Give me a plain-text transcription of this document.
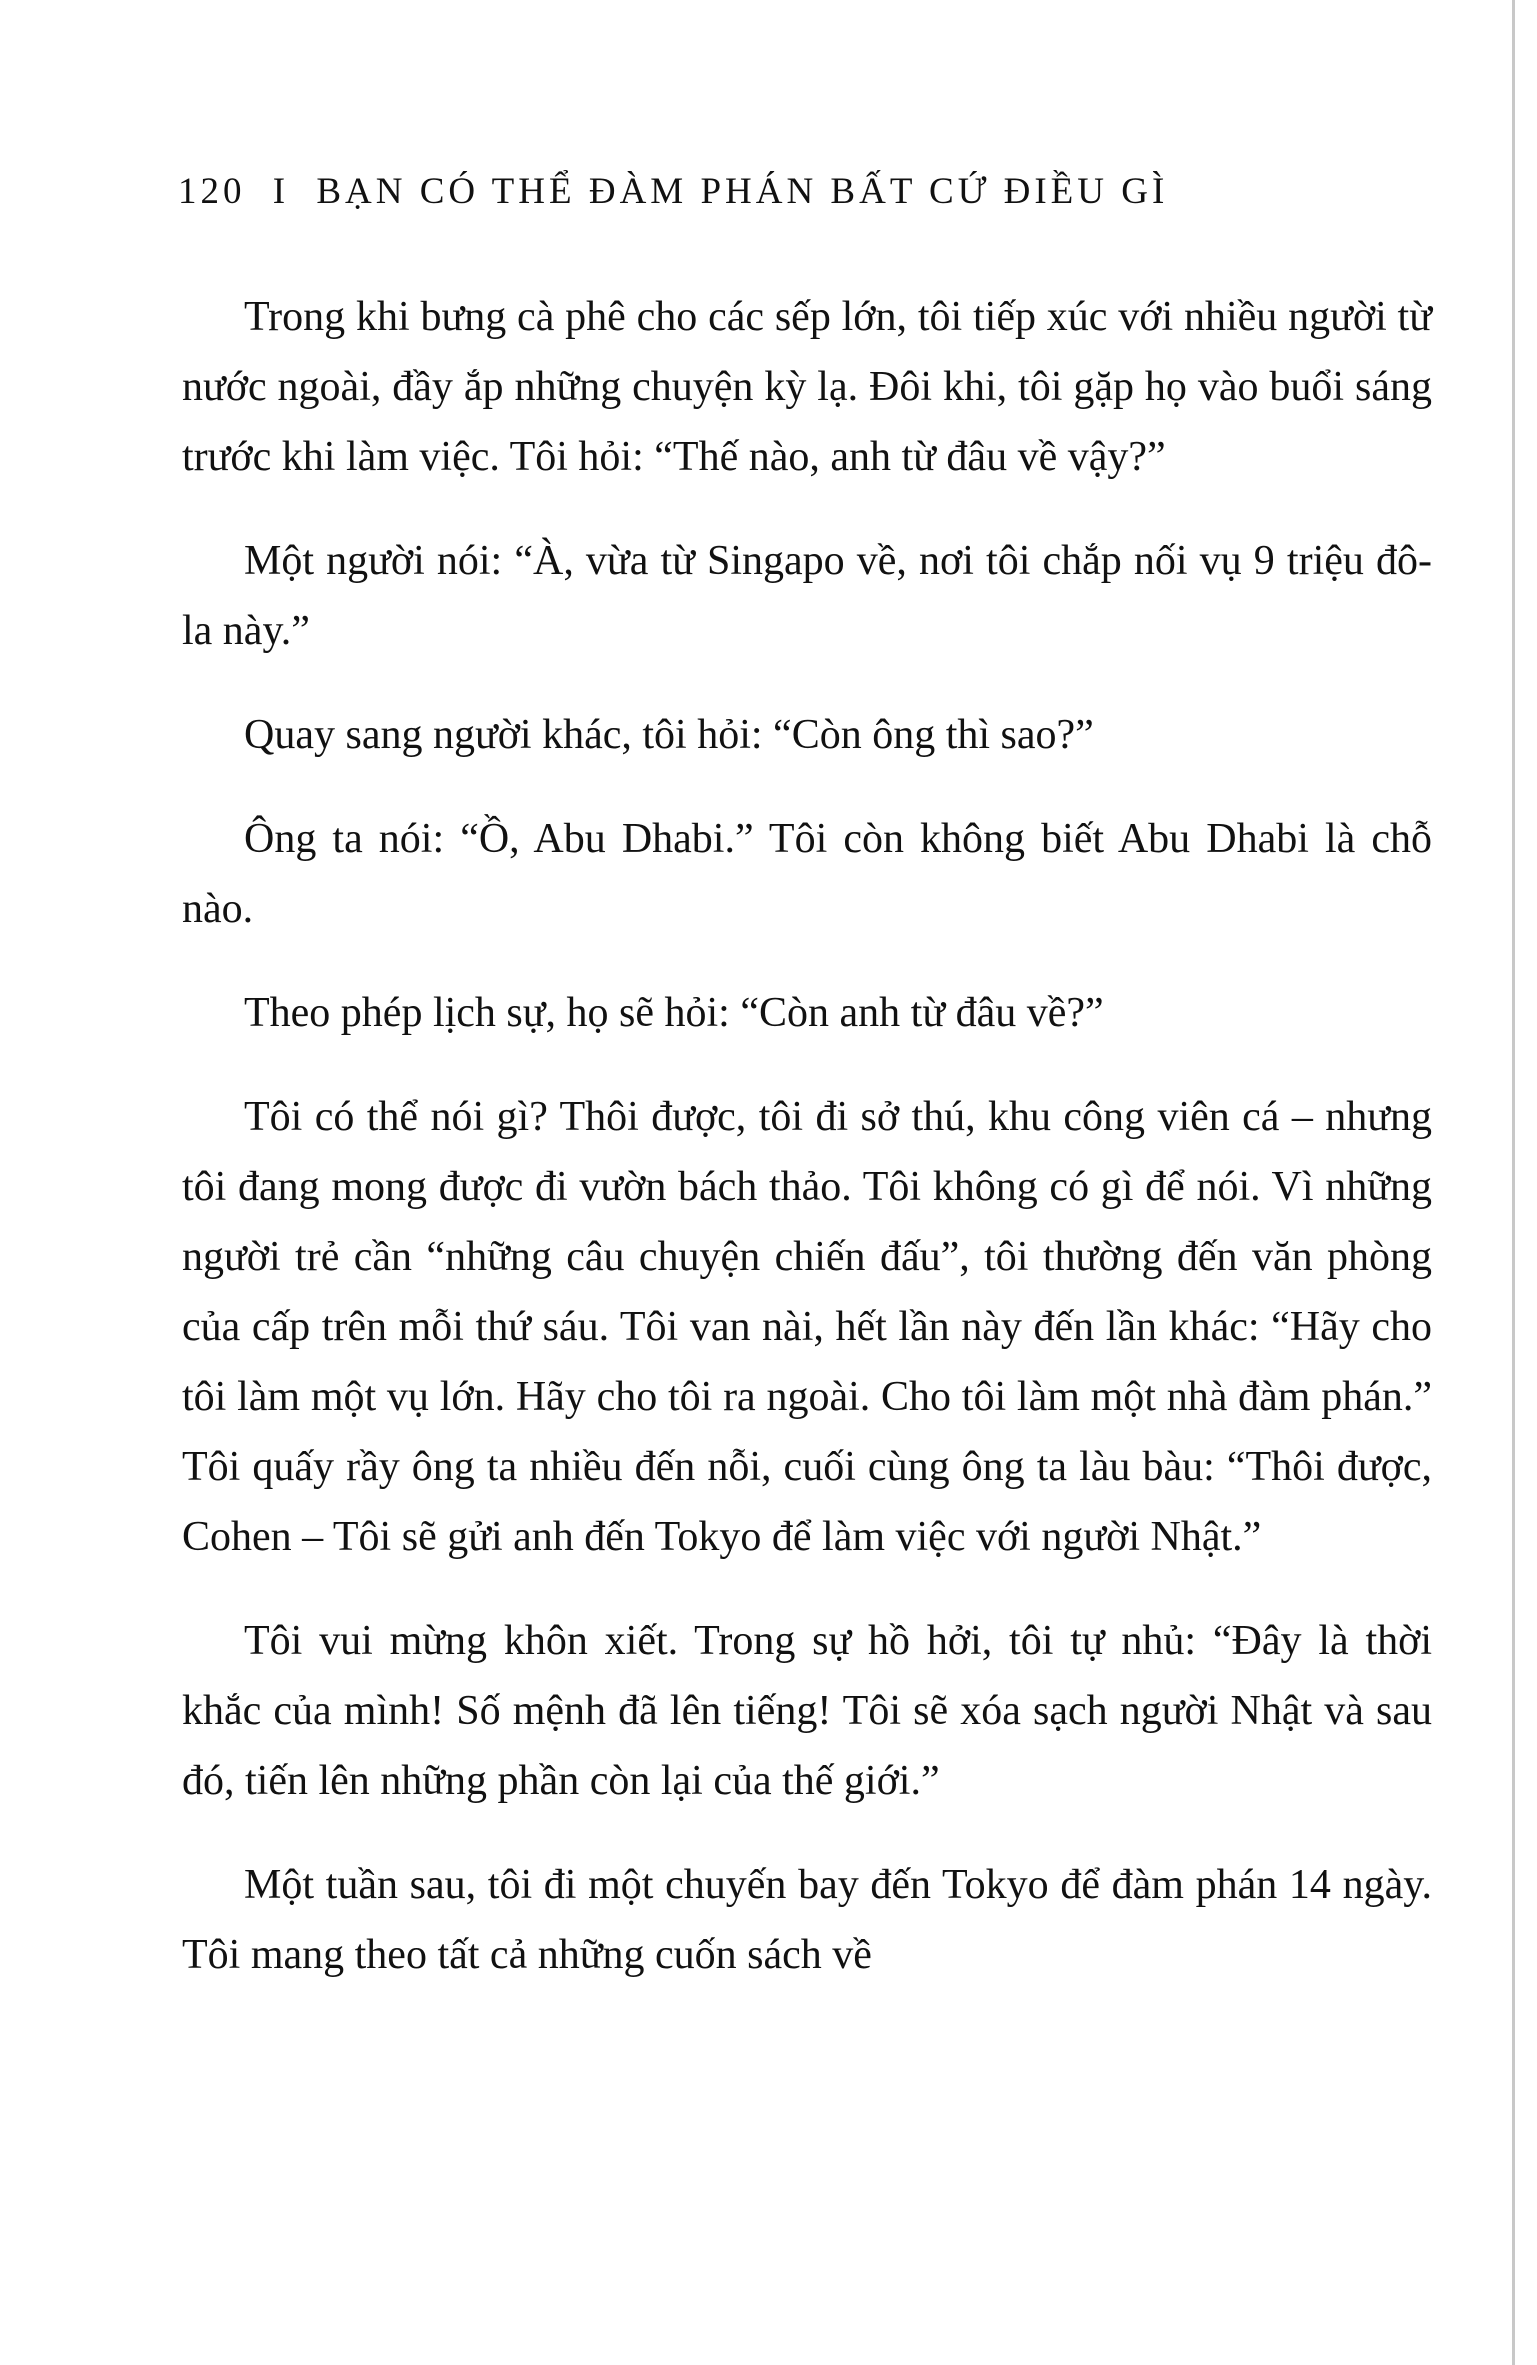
120 I BẠN CÓ THỂ ĐÀM PHÁN BẤT CỨ ĐIỀU GÌ

Trong khi bưng cà phê cho các sếp lớn, tôi tiếp xúc với nhiều người từ nước ngoài, đầy ắp những chuyện kỳ lạ. Đôi khi, tôi gặp họ vào buổi sáng trước khi làm việc. Tôi hỏi: “Thế nào, anh từ đâu về vậy?”

Một người nói: “À, vừa từ Singapo về, nơi tôi chắp nối vụ 9 triệu đô-la này.”

Quay sang người khác, tôi hỏi: “Còn ông thì sao?”

Ông ta nói: “Ồ, Abu Dhabi.” Tôi còn không biết Abu Dhabi là chỗ nào.

Theo phép lịch sự, họ sẽ hỏi: “Còn anh từ đâu về?”

Tôi có thể nói gì? Thôi được, tôi đi sở thú, khu công viên cá – nhưng tôi đang mong được đi vườn bách thảo. Tôi không có gì để nói. Vì những người trẻ cần “những câu chuyện chiến đấu”, tôi thường đến văn phòng của cấp trên mỗi thứ sáu. Tôi van nài, hết lần này đến lần khác: “Hãy cho tôi làm một vụ lớn. Hãy cho tôi ra ngoài. Cho tôi làm một nhà đàm phán.” Tôi quấy rầy ông ta nhiều đến nỗi, cuối cùng ông ta làu bàu: “Thôi được, Cohen – Tôi sẽ gửi anh đến Tokyo để làm việc với người Nhật.”

Tôi vui mừng khôn xiết. Trong sự hồ hởi, tôi tự nhủ: “Đây là thời khắc của mình! Số mệnh đã lên tiếng! Tôi sẽ xóa sạch người Nhật và sau đó, tiến lên những phần còn lại của thế giới.”

Một tuần sau, tôi đi một chuyến bay đến Tokyo để đàm phán 14 ngày. Tôi mang theo tất cả những cuốn sách về
